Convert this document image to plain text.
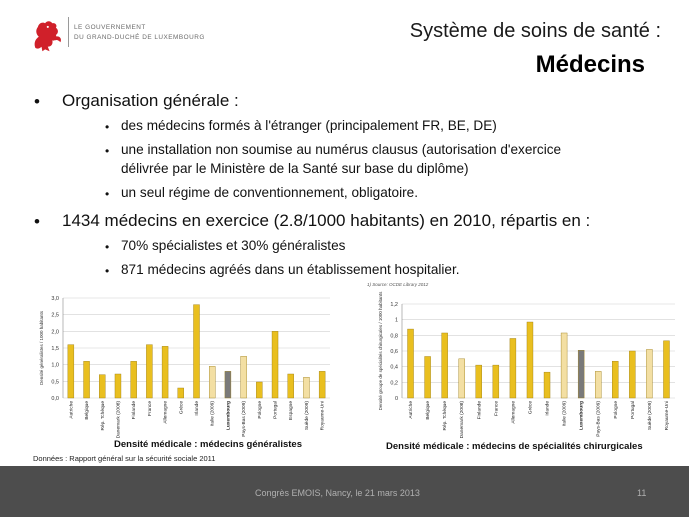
LE GOUVERNEMENT
DU GRAND-DUCHÉ DE LUXEMBOURG	Système de soins de santé :
Médecins
• Organisation générale :
• des médecins formés à l'étranger (principalement FR, BE, DE)
• une installation non soumise au numérus clausus (autorisation d'exercice
délivrée par le Ministère de la Santé sur base du diplôme)
• un seul régime de conventionnement, obligatoire.
• 1434 médecins en exercice (2.8/1000 habitants) en 2010, répartis en :
• 70% spécialistes et 30% généralistes
• 871 médecins agréés dans un établissement hospitalier.
0,0
0,5
1,0
1,5
2,0
2,5
3,0
Densité généralistes / 1000 habitants
Autriche Belgique Rép. Tchèque Danemark (2008) Finlande France Allemagne Grèce Irlande Italie (2009) Luxembourg Pays-Bas (2009) Pologne Portugal Espagne Suède (2009) Royaume-Uni
1) Source: OCDE Library 2012
0
0,2
0,4
0,6
0,8
1
1,2
Densité groupe de spécialités chirurgicales / 1000 habitants	Autriche	Belgique	Rép. Tchèque	Danemark (2008)	Finlande	France	Allemagne	Grèce	Irlande	Italie (2009)	Luxembourg	Pays-Bas (2009)	Pologne	Portugal	Suède (2009)	Royaume-Uni
Densité médicale : médecins généralistes	Densité médicale : médecins de spécialités chirurgicales
Données : Rapport général sur la sécurité sociale 2011
Congrès EMOIS, Nancy, le 21 mars 2013	11
